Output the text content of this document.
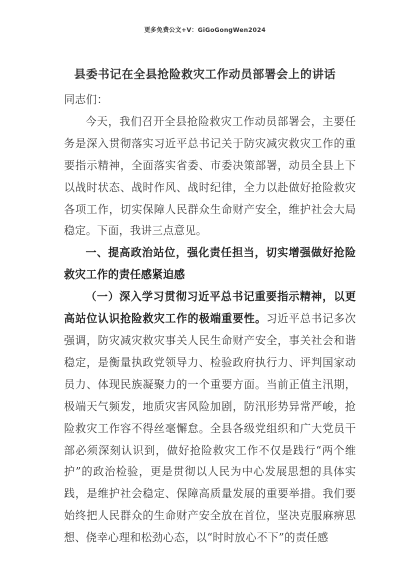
更多免费公文+V：GiGoGongWen2024
县委书记在全县抢险救灾工作动员部署会上的讲话

同志们：

今天，我们召开全县抢险救灾工作动员部署会，主要任务是深入贯彻落实习近平总书记关于防灾减灾救灾工作的重要指示精神，全面落实省委、市委决策部署，动员全县上下以战时状态、战时作风、战时纪律，全力以赴做好抢险救灾各项工作，切实保障人民群众生命财产安全，维护社会大局稳定。下面，我讲三点意见。

一、提高政治站位，强化责任担当，切实增强做好抢险救灾工作的责任感紧迫感

（一）深入学习贯彻习近平总书记重要指示精神，以更高站位认识抢险救灾工作的极端重要性。习近平总书记多次强调，防灾减灾救灾事关人民生命财产安全，事关社会和谐稳定，是衡量执政党领导力、检验政府执行力、评判国家动员力、体现民族凝聚力的一个重要方面。当前正值主汛期，极端天气频发，地质灾害风险加剧，防汛形势异常严峻，抢险救灾工作容不得丝毫懈怠。全县各级党组织和广大党员干部必须深刻认识到，做好抢险救灾工作不仅是践行“两个维护”的政治检验，更是贯彻以人民为中心发展思想的具体实践，是维护社会稳定、保障高质量发展的重要举措。我们要始终把人民群众的生命财产安全放在首位，坚决克服麻痹思想、侥幸心理和松劲心态，以“时时放心不下”的责任感
